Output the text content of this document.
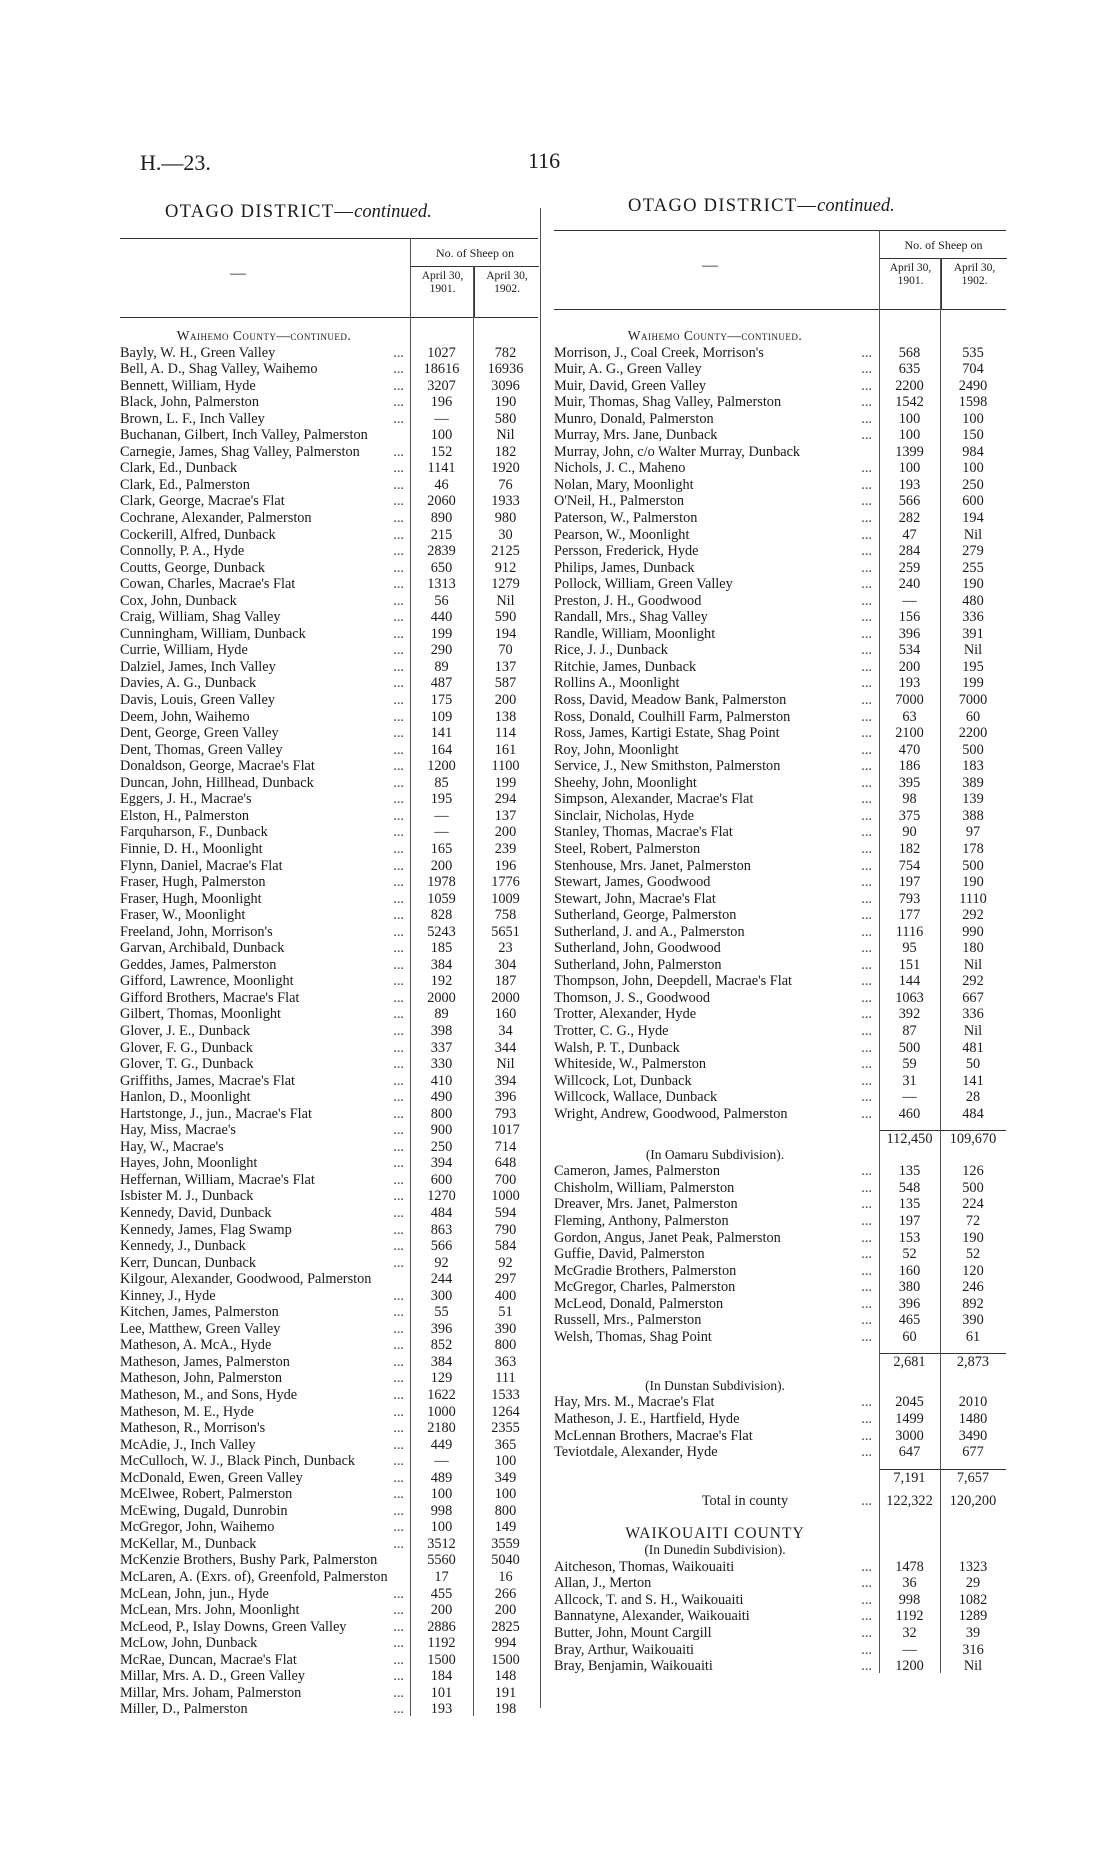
H.—23.	116
OTAGO DISTRICT—continued.	OTAGO DISTRICT—continued.
—
No. of Sheep on
April 30, 1901.
April 30, 1902.
Waihemo County—continued.
Bayly, W. H., Green Valley	...	1027	782
Bell, A. D., Shag Valley, Waihemo	...	18616	16936
Bennett, William, Hyde	...	3207	3096
Black, John, Palmerston	...	196	190
Brown, L. F., Inch Valley	...	—	580
Buchanan, Gilbert, Inch Valley, Palmerston	100	Nil
Carnegie, James, Shag Valley, Palmerston ...	152	182
Clark, Ed., Dunback	...	1141	1920
Clark, Ed., Palmerston	...	46	76
Clark, George, Macrae's Flat	...	2060	1933
Cochrane, Alexander, Palmerston	...	890	980
Cockerill, Alfred, Dunback	...	215	30
Connolly, P. A., Hyde	...	2839	2125
Coutts, George, Dunback	...	650	912
Cowan, Charles, Macrae's Flat	...	1313	1279
Cox, John, Dunback	...	56	Nil
Craig, William, Shag Valley	...	440	590
Cunningham, William, Dunback	...	199	194
Currie, William, Hyde	...	290	70
Dalziel, James, Inch Valley	...	89	137
Davies, A. G., Dunback	...	487	587
Davis, Louis, Green Valley	...	175	200
Deem, John, Waihemo	...	109	138
Dent, George, Green Valley	...	141	114
Dent, Thomas, Green Valley	...	164	161
Donaldson, George, Macrae's Flat	...	1200	1100
Duncan, John, Hillhead, Dunback	...	85	199
Eggers, J. H., Macrae's	...	195	294
Elston, H., Palmerston	...	—	137
Farquharson, F., Dunback	...	—	200
Finnie, D. H., Moonlight	...	165	239
Flynn, Daniel, Macrae's Flat	...	200	196
Fraser, Hugh, Palmerston	...	1978	1776
Fraser, Hugh, Moonlight	...	1059	1009
Fraser, W., Moonlight	...	828	758
Freeland, John, Morrison's	...	5243	5651
Garvan, Archibald, Dunback	...	185	23
Geddes, James, Palmerston	...	384	304
Gifford, Lawrence, Moonlight	...	192	187
Gifford Brothers, Macrae's Flat	...	2000	2000
Gilbert, Thomas, Moonlight	...	89	160
Glover, J. E., Dunback	...	398	34
Glover, F. G., Dunback	...	337	344
Glover, T. G., Dunback	...	330	Nil
Griffiths, James, Macrae's Flat	...	410	394
Hanlon, D., Moonlight	...	490	396
Hartstonge, J., jun., Macrae's Flat	...	800	793
Hay, Miss, Macrae's	...	900	1017
Hay, W., Macrae's	...	250	714
Hayes, John, Moonlight	...	394	648
Heffernan, William, Macrae's Flat	...	600	700
Isbister M. J., Dunback	...	1270	1000
Kennedy, David, Dunback	...	484	594
Kennedy, James, Flag Swamp	...	863	790
Kennedy, J., Dunback	...	566	584
Kerr, Duncan, Dunback	...	92	92
Kilgour, Alexander, Goodwood, Palmerston	244	297
Kinney, J., Hyde	...	300	400
Kitchen, James, Palmerston	...	55	51
Lee, Matthew, Green Valley	...	396	390
Matheson, A. McA., Hyde	...	852	800
Matheson, James, Palmerston	...	384	363
Matheson, John, Palmerston	...	129	111
Matheson, M., and Sons, Hyde	...	1622	1533
Matheson, M. E., Hyde	...	1000	1264
Matheson, R., Morrison's	...	2180	2355
McAdie, J., Inch Valley	...	449	365
McCulloch, W. J., Black Pinch, Dunback	...	—	100
McDonald, Ewen, Green Valley	...	489	349
McElwee, Robert, Palmerston	...	100	100
McEwing, Dugald, Dunrobin	...	998	800
McGregor, John, Waihemo	...	100	149
McKellar, M., Dunback	...	3512	3559
McKenzie Brothers, Bushy Park, Palmerston	5560	5040
McLaren, A. (Exrs. of), Greenfold, Palmerston	17	16
McLean, John, jun., Hyde	...	455	266
McLean, Mrs. John, Moonlight	...	200	200
McLeod, P., Islay Downs, Green Valley	...	2886	2825
McLow, John, Dunback	...	1192	994
McRae, Duncan, Macrae's Flat	...	1500	1500
Millar, Mrs. A. D., Green Valley	...	184	148
Millar, Mrs. Joham, Palmerston	...	101	191
Miller, D., Palmerston	...	193	198
—
No. of Sheep on
April 30, 1901.
April 30, 1902.
Waihemo County—continued.
Morrison, J., Coal Creek, Morrison's	...	568	535
Muir, A. G., Green Valley	...	635	704
Muir, David, Green Valley	...	2200	2490
Muir, Thomas, Shag Valley, Palmerston	...	1542	1598
Munro, Donald, Palmerston	...	100	100
Murray, Mrs. Jane, Dunback	...	100	150
Murray, John, c/o Walter Murray, Dunback	1399	984
Nichols, J. C., Maheno	...	100	100
Nolan, Mary, Moonlight	...	193	250
O'Neil, H., Palmerston	...	566	600
Paterson, W., Palmerston	...	282	194
Pearson, W., Moonlight	...	47	Nil
Persson, Frederick, Hyde	...	284	279
Philips, James, Dunback	...	259	255
Pollock, William, Green Valley	...	240	190
Preston, J. H., Goodwood	...	—	480
Randall, Mrs., Shag Valley	...	156	336
Randle, William, Moonlight	...	396	391
Rice, J. J., Dunback	...	534	Nil
Ritchie, James, Dunback	...	200	195
Rollins A., Moonlight	...	193	199
Ross, David, Meadow Bank, Palmerston	...	7000	7000
Ross, Donald, Coulhill Farm, Palmerston	...	63	60
Ross, James, Kartigi Estate, Shag Point	...	2100	2200
Roy, John, Moonlight	...	470	500
Service, J., New Smithston, Palmerston	...	186	183
Sheehy, John, Moonlight	...	395	389
Simpson, Alexander, Macrae's Flat	...	98	139
Sinclair, Nicholas, Hyde	...	375	388
Stanley, Thomas, Macrae's Flat	...	90	97
Steel, Robert, Palmerston	...	182	178
Stenhouse, Mrs. Janet, Palmerston	...	754	500
Stewart, James, Goodwood	...	197	190
Stewart, John, Macrae's Flat	...	793	1110
Sutherland, George, Palmerston	...	177	292
Sutherland, J. and A., Palmerston	...	1116	990
Sutherland, John, Goodwood	...	95	180
Sutherland, John, Palmerston	...	151	Nil
Thompson, John, Deepdell, Macrae's Flat	...	144	292
Thomson, J. S., Goodwood	...	1063	667
Trotter, Alexander, Hyde	...	392	336
Trotter, C. G., Hyde	...	87	Nil
Walsh, P. T., Dunback	...	500	481
Whiteside, W., Palmerston	...	59	50
Willcock, Lot, Dunback	...	31	141
Willcock, Wallace, Dunback	...	—	28
Wright, Andrew, Goodwood, Palmerston	...	460	484
112,450	109,670
(In Oamaru Subdivision).
Cameron, James, Palmerston	...	135	126
Chisholm, William, Palmerston	...	548	500
Dreaver, Mrs. Janet, Palmerston	...	135	224
Fleming, Anthony, Palmerston	...	197	72
Gordon, Angus, Janet Peak, Palmerston	...	153	190
Guffie, David, Palmerston	...	52	52
McGradie Brothers, Palmerston	...	160	120
McGregor, Charles, Palmerston	...	380	246
McLeod, Donald, Palmerston	...	396	892
Russell, Mrs., Palmerston	...	465	390
Welsh, Thomas, Shag Point	...	60	61
2,681	2,873
(In Dunstan Subdivision).
Hay, Mrs. M., Macrae's Flat	...	2045	2010
Matheson, J. E., Hartfield, Hyde	...	1499	1480
McLennan Brothers, Macrae's Flat	...	3000	3490
Teviotdale, Alexander, Hyde	...	647	677
7,191	7,657
Total in county	... 122,322	120,200
WAIKOUAITI COUNTY
(In Dunedin Subdivision).
Aitcheson, Thomas, Waikouaiti	...	1478	1323
Allan, J., Merton	...	36	29
Allcock, T. and S. H., Waikouaiti	...	998	1082
Bannatyne, Alexander, Waikouaiti	...	1192	1289
Butter, John, Mount Cargill	...	32	39
Bray, Arthur, Waikouaiti	...	—	316
Bray, Benjamin, Waikouaiti	...	1200	Nil
